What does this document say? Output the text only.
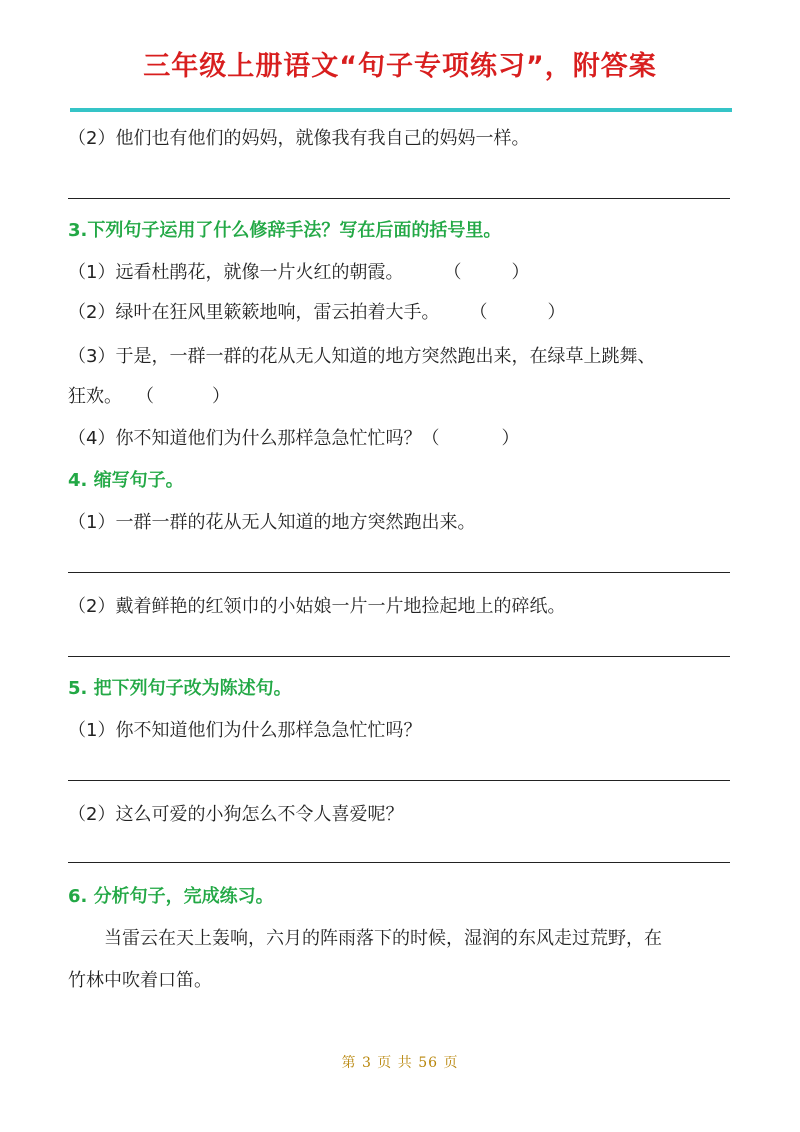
三年级上册语文“句子专项练习”，附答案
（2）他们也有他们的妈妈，就像我有我自己的妈妈一样。
3.下列句子运用了什么修辞手法？写在后面的括号里。
（1）远看杜鹃花，就像一片火红的朝霞。 （	）
（2）绿叶在狂风里簌簌地响，雷云拍着大手。 （	）
（3）于是，一群一群的花从无人知道的地方突然跑出来，在绿草上跳舞、
狂欢。 （	）
（4）你不知道他们为什么那样急急忙忙吗？（	）
4. 缩写句子。
（1）一群一群的花从无人知道的地方突然跑出来。
（2）戴着鲜艳的红领巾的小姑娘一片一片地捡起地上的碎纸。
5. 把下列句子改为陈述句。
（1）你不知道他们为什么那样急急忙忙吗？
（2）这么可爱的小狗怎么不令人喜爱呢？
6. 分析句子，完成练习。
当雷云在天上轰响，六月的阵雨落下的时候，湿润的东风走过荒野，在
竹林中吹着口笛。
第 3 页 共 56 页
